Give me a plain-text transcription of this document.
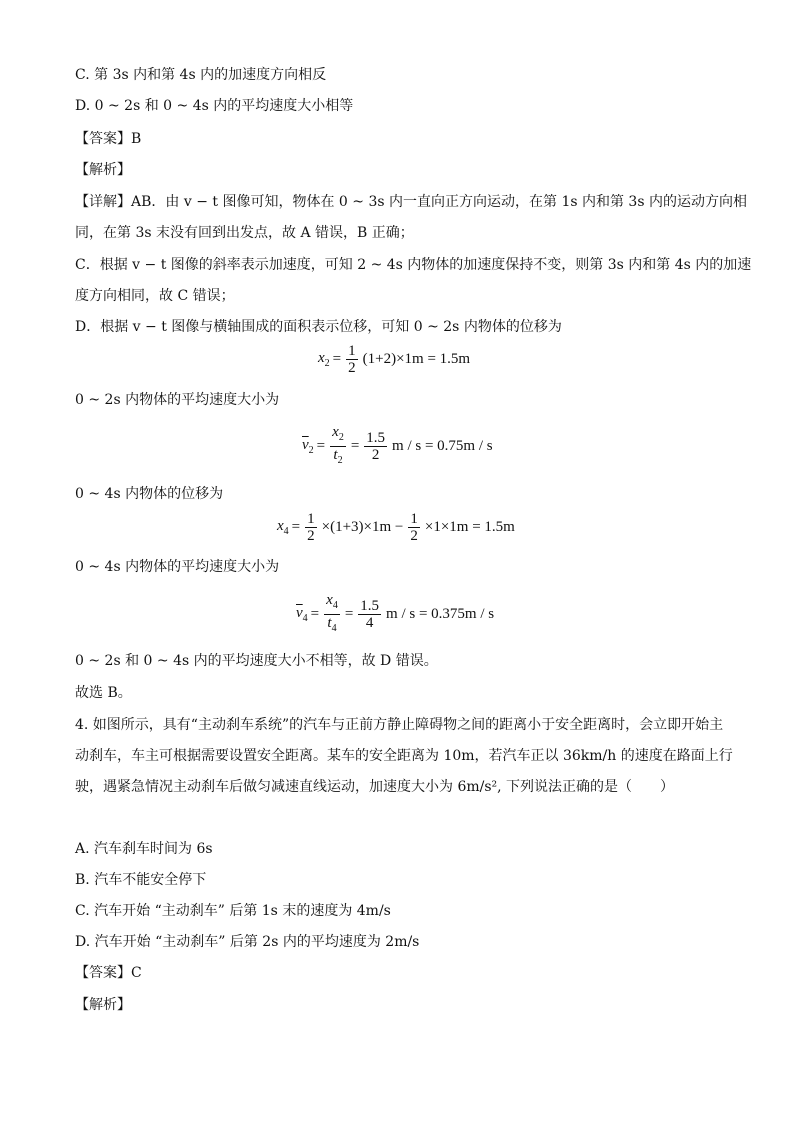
C. 第 3s 内和第 4s 内的加速度方向相反
D. 0 ~ 2s 和 0 ~ 4s 内的平均速度大小相等
【答案】B
【解析】
【详解】AB．由 v − t 图像可知，物体在 0 ~ 3s 内一直向正方向运动，在第 1s 内和第 3s 内的运动方向相
同，在第 3s 末没有回到出发点，故 A 错误，B 正确；
C．根据 v − t 图像的斜率表示加速度，可知 2 ~ 4s 内物体的加速度保持不变，则第 3s 内和第 4s 内的加速
度方向相同，故 C 错误；
D．根据 v − t 图像与横轴围成的面积表示位移，可知 0 ~ 2s 内物体的位移为
$x_2 = \frac{1}{2} (1+2)\times 1m = 1.5m$
0 ~ 2s 内物体的平均速度大小为
$\overline{v}_2 = \frac{x_2}{t_2} = \frac{1.5}{2}$ m / s = 0.75m / s
0 ~ 4s 内物体的位移为
$x_4 = \frac{1}{2} \times(1+3)\times 1m - \frac{1}{2} \times 1\times 1m = 1.5m$
0 ~ 4s 内物体的平均速度大小为
$\overline{v}_4 = \frac{x_4}{t_4} = \frac{1.5}{4}$ m / s = 0.375m / s
0 ~ 2s 和 0 ~ 4s 内的平均速度大小不相等，故 D 错误。
故选 B。
4. 如图所示，具有“主动刹车系统”的汽车与正前方静止障碍物之间的距离小于安全距离时，会立即开始主
动刹车，车主可根据需要设置安全距离。某车的安全距离为 10m，若汽车正以 36km/h 的速度在路面上行
驶，遇紧急情况主动刹车后做匀减速直线运动，加速度大小为 6m/s², 下列说法正确的是（　　）
A. 汽车刹车时间为 6s
B. 汽车不能安全停下
C. 汽车开始 “主动刹车” 后第 1s 末的速度为 4m/s
D. 汽车开始 “主动刹车” 后第 2s 内的平均速度为 2m/s
【答案】C
【解析】
